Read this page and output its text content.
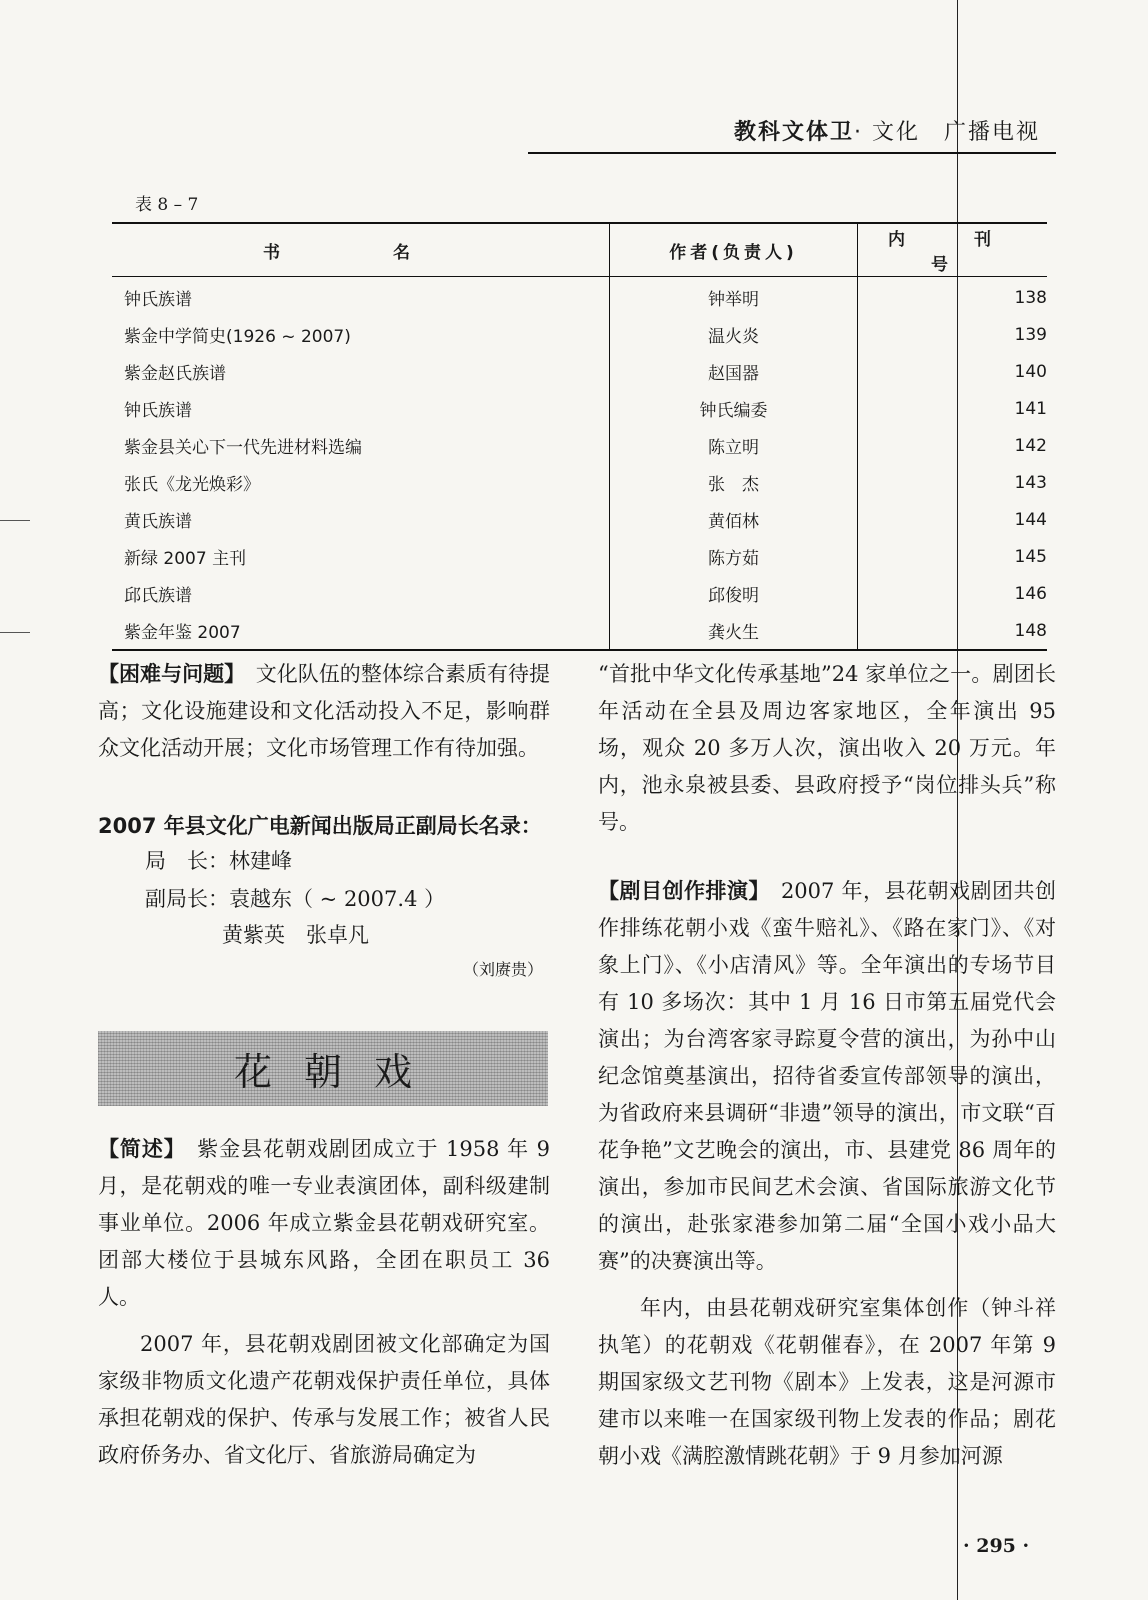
教科文体卫· 文化　广播电视
表 8 – 7
书　名	作者(负责人)	内　刊　号
钟氏族谱	钟举明	138
紫金中学简史(1926 ~ 2007)	温火炎	139
紫金赵氏族谱	赵国器	140
钟氏族谱	钟氏编委	141
紫金县关心下一代先进材料选编	陈立明	142
张氏《龙光焕彩》	张　杰	143
黄氏族谱	黄佰林	144
新绿 2007 主刊	陈方茹	145
邱氏族谱	邱俊明	146
紫金年鉴 2007	龚火生	148

【困难与问题】　文化队伍的整体综合素质有待提高；文化设施建设和文化活动投入不足，影响群众文化活动开展；文化市场管理工作有待加强。

2007 年县文化广电新闻出版局正副局长名录：
局　长：林建峰
副局长：袁越东（ ~ 2007.4 ）
黄紫英　张卓凡
（刘赓贵）
花朝戏

【简述】　紫金县花朝戏剧团成立于 1958 年 9 月，是花朝戏的唯一专业表演团体，副科级建制事业单位。2006 年成立紫金县花朝戏研究室。团部大楼位于县城东风路，全团在职员工 36 人。

2007 年，县花朝戏剧团被文化部确定为国家级非物质文化遗产花朝戏保护责任单位，具体承担花朝戏的保护、传承与发展工作；被省人民政府侨务办、省文化厅、省旅游局确定为

“首批中华文化传承基地”24 家单位之一。剧团长年活动在全县及周边客家地区，全年演出 95 场，观众 20 多万人次，演出收入 20 万元。年内，池永泉被县委、县政府授予“岗位排头兵”称号。

【剧目创作排演】　2007 年，县花朝戏剧团共创作排练花朝小戏《蛮牛赔礼》、《路在家门》、《对象上门》、《小店清风》等。全年演出的专场节目有 10 多场次：其中 1 月 16 日市第五届党代会演出；为台湾客家寻踪夏令营的演出，为孙中山纪念馆奠基演出，招待省委宣传部领导的演出，为省政府来县调研“非遗”领导的演出，市文联“百花争艳”文艺晚会的演出，市、县建党 86 周年的演出，参加市民间艺术会演、省国际旅游文化节的演出，赴张家港参加第二届“全国小戏小品大赛”的决赛演出等。

年内，由县花朝戏研究室集体创作（钟斗祥执笔）的花朝戏《花朝催春》，在 2007 年第 9 期国家级文艺刊物《剧本》上发表，这是河源市建市以来唯一在国家级刊物上发表的作品；剧花朝小戏《满腔激情跳花朝》于 9 月参加河源

· 295 ·
